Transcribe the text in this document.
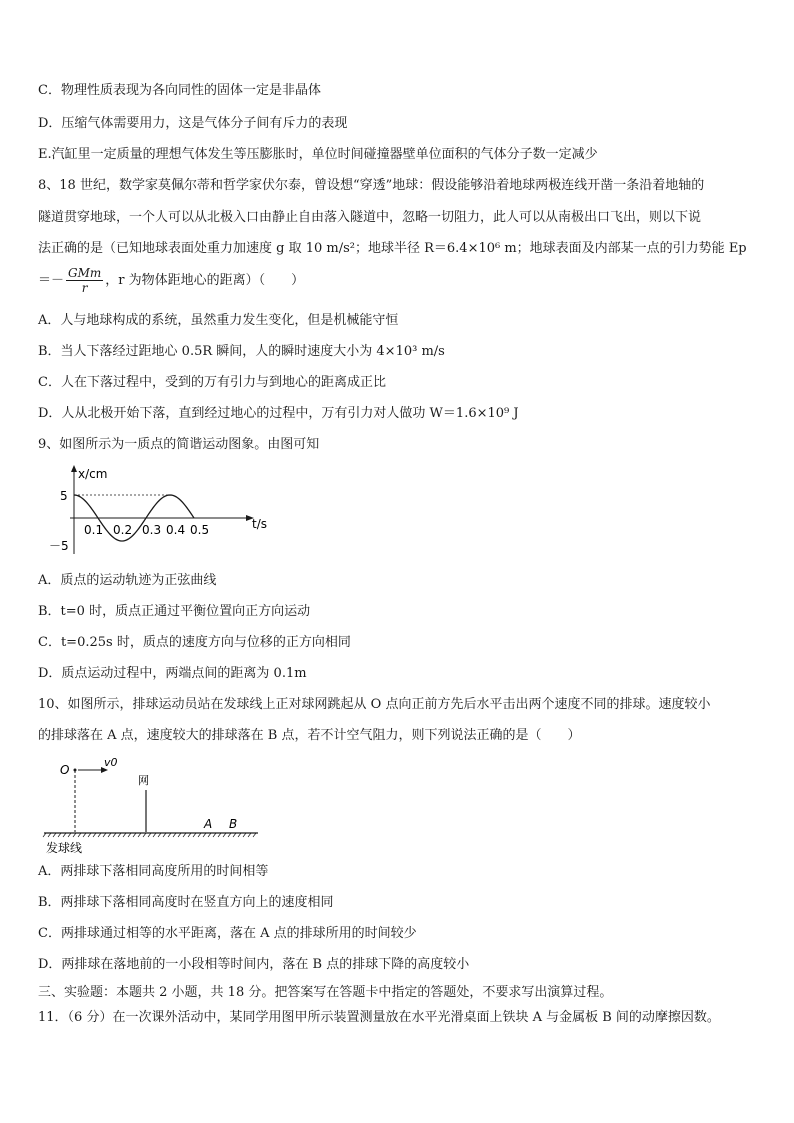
C．物理性质表现为各向同性的固体一定是非晶体
D．压缩气体需要用力，这是气体分子间有斥力的表现
E.汽缸里一定质量的理想气体发生等压膨胀时，单位时间碰撞器壁单位面积的气体分子数一定减少
8、18 世纪，数学家莫佩尔蒂和哲学家伏尔泰，曾设想“穿透”地球：假设能够沿着地球两极连线开凿一条沿着地轴的
隧道贯穿地球，一个人可以从北极入口由静止自由落入隧道中，忽略一切阻力，此人可以从南极出口飞出，则以下说
法正确的是（已知地球表面处重力加速度 g 取 10 m/s²；地球半径 R＝6.4×10⁶ m；地球表面及内部某一点的引力势能 Ep
＝－ $\frac{\text{GMm}}{r}$ ，r 为物体距地心的距离）（　　）
A．人与地球构成的系统，虽然重力发生变化，但是机械能守恒
B．当人下落经过距地心 0.5R 瞬间，人的瞬时速度大小为 4×10³ m/s
C．人在下落过程中，受到的万有引力与到地心的距离成正比
D．人从北极开始下落，直到经过地心的过程中，万有引力对人做功 W＝1.6×10⁹ J
9、如图所示为一质点的简谐运动图象。由图可知
x/cm
t/s
5
－5
0.1 0.2 0.3 0.4 0.5
A．质点的运动轨迹为正弦曲线
B．t=0 时，质点正通过平衡位置向正方向运动
C．t=0.25s 时，质点的速度方向与位移的正方向相同
D．质点运动过程中，两端点间的距离为 0.1m
10、如图所示，排球运动员站在发球线上正对球网跳起从 O 点向正前方先后水平击出两个速度不同的排球。速度较小
的排球落在 A 点，速度较大的排球落在 B 点，若不计空气阻力，则下列说法正确的是（　　）
O
v0
网
A B
发球线
A．两排球下落相同高度所用的时间相等
B．两排球下落相同高度时在竖直方向上的速度相同
C．两排球通过相等的水平距离，落在 A 点的排球所用的时间较少
D．两排球在落地前的一小段相等时间内，落在 B 点的排球下降的高度较小
三、实验题：本题共 2 小题，共 18 分。把答案写在答题卡中指定的答题处，不要求写出演算过程。
11．（6 分）在一次课外活动中，某同学用图甲所示装置测量放在水平光滑桌面上铁块 A 与金属板 B 间的动摩擦因数。
